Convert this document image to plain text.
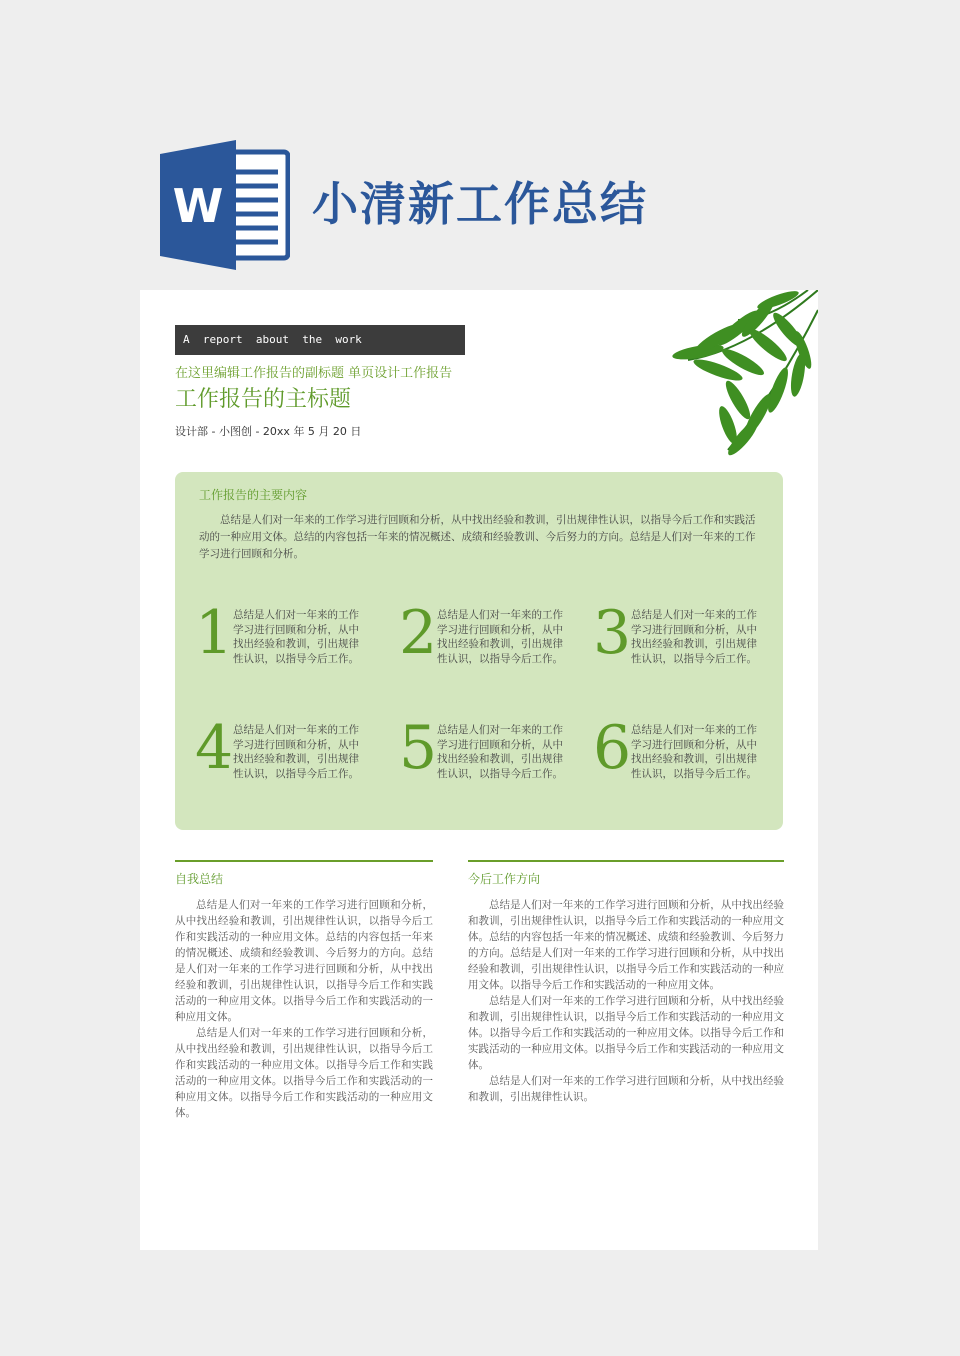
W 小清新工作总结
A  report  about  the  work
在这里编辑工作报告的副标题 单页设计工作报告
工作报告的主标题
设计部 - 小图创 - 20xx 年 5 月 20 日
工作报告的主要内容

总结是人们对一年来的工作学习进行回顾和分析，从中找出经验和教训，引出规律性认识，以指导今后工作和实践活动的一种应用文体。总结的内容包括一年来的情况概述、成绩和经验教训、今后努力的方向。总结是人们对一年来的工作学习进行回顾和分析。

1 总结是人们对一年来的工作学习进行回顾和分析，从中找出经验和教训，引出规律性认识，以指导今后工作。 2 总结是人们对一年来的工作学习进行回顾和分析，从中找出经验和教训，引出规律性认识，以指导今后工作。 3 总结是人们对一年来的工作学习进行回顾和分析，从中找出经验和教训，引出规律性认识，以指导今后工作。

4 总结是人们对一年来的工作学习进行回顾和分析，从中找出经验和教训，引出规律性认识，以指导今后工作。 5 总结是人们对一年来的工作学习进行回顾和分析，从中找出经验和教训，引出规律性认识，以指导今后工作。 6 总结是人们对一年来的工作学习进行回顾和分析，从中找出经验和教训，引出规律性认识，以指导今后工作。

自我总结

总结是人们对一年来的工作学习进行回顾和分析，从中找出经验和教训，引出规律性认识，以指导今后工作和实践活动的一种应用文体。总结的内容包括一年来的情况概述、成绩和经验教训、今后努力的方向。总结是人们对一年来的工作学习进行回顾和分析，从中找出经验和教训，引出规律性认识，以指导今后工作和实践活动的一种应用文体。以指导今后工作和实践活动的一种应用文体。

总结是人们对一年来的工作学习进行回顾和分析，从中找出经验和教训，引出规律性认识，以指导今后工作和实践活动的一种应用文体。以指导今后工作和实践活动的一种应用文体。以指导今后工作和实践活动的一种应用文体。以指导今后工作和实践活动的一种应用文体。

今后工作方向

总结是人们对一年来的工作学习进行回顾和分析，从中找出经验和教训，引出规律性认识，以指导今后工作和实践活动的一种应用文体。总结的内容包括一年来的情况概述、成绩和经验教训、今后努力的方向。总结是人们对一年来的工作学习进行回顾和分析，从中找出经验和教训，引出规律性认识，以指导今后工作和实践活动的一种应用文体。以指导今后工作和实践活动的一种应用文体。

总结是人们对一年来的工作学习进行回顾和分析，从中找出经验和教训，引出规律性认识，以指导今后工作和实践活动的一种应用文体。以指导今后工作和实践活动的一种应用文体。以指导今后工作和实践活动的一种应用文体。以指导今后工作和实践活动的一种应用文体。

总结是人们对一年来的工作学习进行回顾和分析，从中找出经验和教训，引出规律性认识。
